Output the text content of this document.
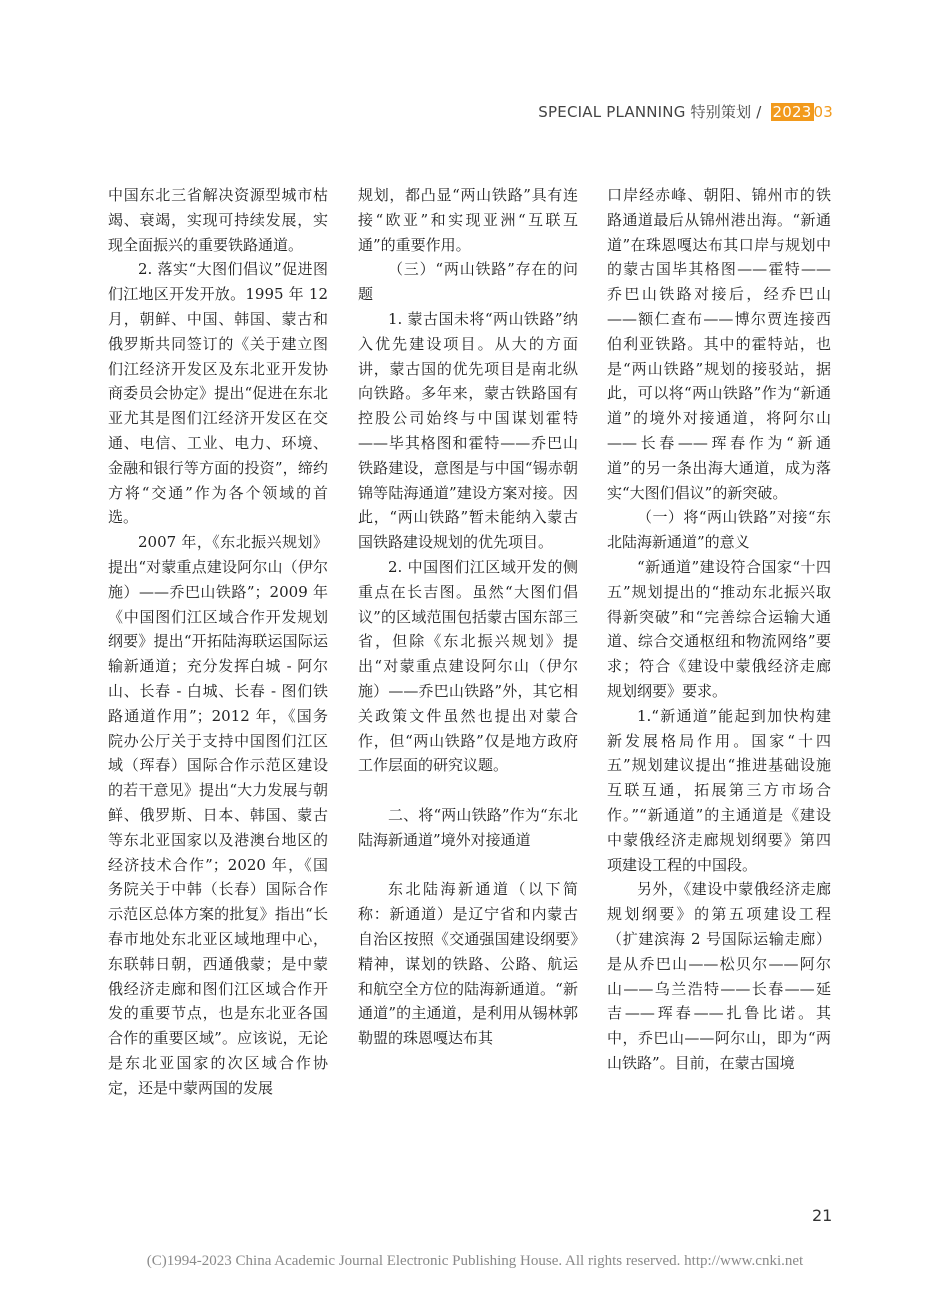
SPECIAL PLANNING 特别策划 / 2023 03

中国东北三省解决资源型城市枯竭、衰竭，实现可持续发展，实现全面振兴的重要铁路通道。

2. 落实“大图们倡议”促进图们江地区开发开放。1995 年 12 月，朝鲜、中国、韩国、蒙古和俄罗斯共同签订的《关于建立图们江经济开发区及东北亚开发协商委员会协定》提出“促进在东北亚尤其是图们江经济开发区在交通、电信、工业、电力、环境、金融和银行等方面的投资”，缔约方将“交通”作为各个领域的首选。

2007 年，《东北振兴规划》提出“对蒙重点建设阿尔山（伊尔施）——乔巴山铁路”；2009 年《中国图们江区域合作开发规划纲要》提出“开拓陆海联运国际运输新通道；充分发挥白城 - 阿尔山、长春 - 白城、长春 - 图们铁路通道作用”；2012 年，《国务院办公厅关于支持中国图们江区域（珲春）国际合作示范区建设的若干意见》提出“大力发展与朝鲜、俄罗斯、日本、韩国、蒙古等东北亚国家以及港澳台地区的经济技术合作”；2020 年，《国务院关于中韩（长春）国际合作示范区总体方案的批复》指出“长春市地处东北亚区域地理中心，东联韩日朝，西通俄蒙；是中蒙俄经济走廊和图们江区域合作开发的重要节点，也是东北亚各国合作的重要区域”。应该说，无论是东北亚国家的次区域合作协定，还是中蒙两国的发展

规划，都凸显“两山铁路”具有连接“欧亚”和实现亚洲“互联互通”的重要作用。

（三）“两山铁路”存在的问题

1. 蒙古国未将“两山铁路”纳入优先建设项目。从大的方面讲，蒙古国的优先项目是南北纵向铁路。多年来，蒙古铁路国有控股公司始终与中国谋划霍特——毕其格图和霍特——乔巴山铁路建设，意图是与中国“锡赤朝锦等陆海通道”建设方案对接。因此，“两山铁路”暂未能纳入蒙古国铁路建设规划的优先项目。

2. 中国图们江区域开发的侧重点在长吉图。虽然“大图们倡议”的区域范围包括蒙古国东部三省，但除《东北振兴规划》提出“对蒙重点建设阿尔山（伊尔施）——乔巴山铁路”外，其它相关政策文件虽然也提出对蒙合作，但“两山铁路”仅是地方政府工作层面的研究议题。

二、将“两山铁路”作为“东北陆海新通道”境外对接通道

东北陆海新通道（以下简称：新通道）是辽宁省和内蒙古自治区按照《交通强国建设纲要》精神，谋划的铁路、公路、航运和航空全方位的陆海新通道。“新通道”的主通道，是利用从锡林郭勒盟的珠恩嘎达布其

口岸经赤峰、朝阳、锦州市的铁路通道最后从锦州港出海。“新通道”在珠恩嘎达布其口岸与规划中的蒙古国毕其格图——霍特——乔巴山铁路对接后，经乔巴山——额仁查布——博尔贾连接西伯利亚铁路。其中的霍特站，也是“两山铁路”规划的接驳站，据此，可以将“两山铁路”作为“新通道”的境外对接通道，将阿尔山——长春——珲春作为“新通道”的另一条出海大通道，成为落实“大图们倡议”的新突破。

（一）将“两山铁路”对接“东北陆海新通道”的意义

“新通道”建设符合国家“十四五”规划提出的“推动东北振兴取得新突破”和“完善综合运输大通道、综合交通枢纽和物流网络”要求；符合《建设中蒙俄经济走廊规划纲要》要求。

1.“新通道”能起到加快构建新发展格局作用。国家“十四五”规划建议提出“推进基础设施互联互通，拓展第三方市场合作。”“新通道”的主通道是《建设中蒙俄经济走廊规划纲要》第四项建设工程的中国段。

另外，《建设中蒙俄经济走廊规划纲要》的第五项建设工程（扩建滨海 2 号国际运输走廊）是从乔巴山——松贝尔——阿尔山——乌兰浩特——长春——延吉——珲春——扎鲁比诺。其中，乔巴山——阿尔山，即为“两山铁路”。目前，在蒙古国境

21
(C)1994-2023 China Academic Journal Electronic Publishing House. All rights reserved. http://www.cnki.net
